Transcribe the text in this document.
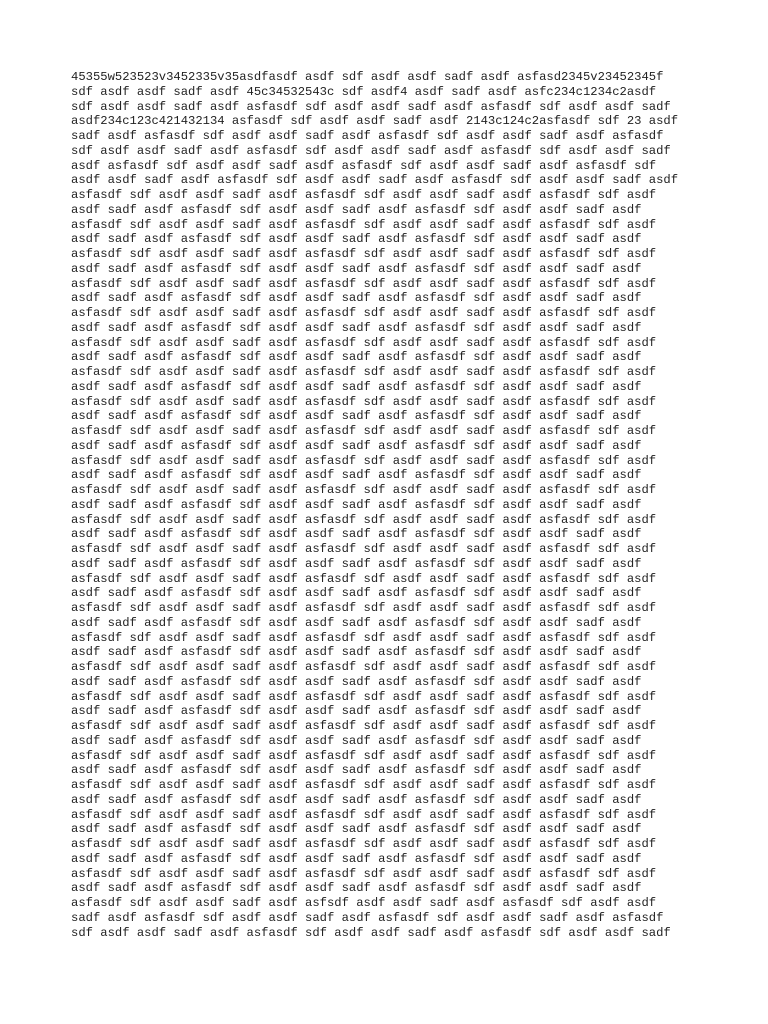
45355w523523v3452335v35asdfasdf asdf sdf asdf asdf sadf asdf asfasd2345v23452345f
sdf asdf asdf sadf asdf 45c34532543c sdf asdf4 asdf sadf asdf asfc234c1234c2asdf
sdf asdf asdf sadf asdf asfasdf sdf asdf asdf sadf asdf asfasdf sdf asdf asdf sadf
asdf234c123c421432134 asfasdf sdf asdf asdf sadf asdf 2143c124c2asfasdf sdf 23 asdf
sadf asdf asfasdf sdf asdf asdf sadf asdf asfasdf sdf asdf asdf sadf asdf asfasdf
sdf asdf asdf sadf asdf asfasdf sdf asdf asdf sadf asdf asfasdf sdf asdf asdf sadf
asdf asfasdf sdf asdf asdf sadf asdf asfasdf sdf asdf asdf sadf asdf asfasdf sdf
asdf asdf sadf asdf asfasdf sdf asdf asdf sadf asdf asfasdf sdf asdf asdf sadf asdf
asfasdf sdf asdf asdf sadf asdf asfasdf sdf asdf asdf sadf asdf asfasdf sdf asdf
asdf sadf asdf asfasdf sdf asdf asdf sadf asdf asfasdf sdf asdf asdf sadf asdf
asfasdf sdf asdf asdf sadf asdf asfasdf sdf asdf asdf sadf asdf asfasdf sdf asdf
asdf sadf asdf asfasdf sdf asdf asdf sadf asdf asfasdf sdf asdf asdf sadf asdf
asfasdf sdf asdf asdf sadf asdf asfasdf sdf asdf asdf sadf asdf asfasdf sdf asdf
asdf sadf asdf asfasdf sdf asdf asdf sadf asdf asfasdf sdf asdf asdf sadf asdf
asfasdf sdf asdf asdf sadf asdf asfasdf sdf asdf asdf sadf asdf asfasdf sdf asdf
asdf sadf asdf asfasdf sdf asdf asdf sadf asdf asfasdf sdf asdf asdf sadf asdf
asfasdf sdf asdf asdf sadf asdf asfasdf sdf asdf asdf sadf asdf asfasdf sdf asdf
asdf sadf asdf asfasdf sdf asdf asdf sadf asdf asfasdf sdf asdf asdf sadf asdf
asfasdf sdf asdf asdf sadf asdf asfasdf sdf asdf asdf sadf asdf asfasdf sdf asdf
asdf sadf asdf asfasdf sdf asdf asdf sadf asdf asfasdf sdf asdf asdf sadf asdf
asfasdf sdf asdf asdf sadf asdf asfasdf sdf asdf asdf sadf asdf asfasdf sdf asdf
asdf sadf asdf asfasdf sdf asdf asdf sadf asdf asfasdf sdf asdf asdf sadf asdf
asfasdf sdf asdf asdf sadf asdf asfasdf sdf asdf asdf sadf asdf asfasdf sdf asdf
asdf sadf asdf asfasdf sdf asdf asdf sadf asdf asfasdf sdf asdf asdf sadf asdf
asfasdf sdf asdf asdf sadf asdf asfasdf sdf asdf asdf sadf asdf asfasdf sdf asdf
asdf sadf asdf asfasdf sdf asdf asdf sadf asdf asfasdf sdf asdf asdf sadf asdf
asfasdf sdf asdf asdf sadf asdf asfasdf sdf asdf asdf sadf asdf asfasdf sdf asdf
asdf sadf asdf asfasdf sdf asdf asdf sadf asdf asfasdf sdf asdf asdf sadf asdf
asfasdf sdf asdf asdf sadf asdf asfasdf sdf asdf asdf sadf asdf asfasdf sdf asdf
asdf sadf asdf asfasdf sdf asdf asdf sadf asdf asfasdf sdf asdf asdf sadf asdf
asfasdf sdf asdf asdf sadf asdf asfasdf sdf asdf asdf sadf asdf asfasdf sdf asdf
asdf sadf asdf asfasdf sdf asdf asdf sadf asdf asfasdf sdf asdf asdf sadf asdf
asfasdf sdf asdf asdf sadf asdf asfasdf sdf asdf asdf sadf asdf asfasdf sdf asdf
asdf sadf asdf asfasdf sdf asdf asdf sadf asdf asfasdf sdf asdf asdf sadf asdf
asfasdf sdf asdf asdf sadf asdf asfasdf sdf asdf asdf sadf asdf asfasdf sdf asdf
asdf sadf asdf asfasdf sdf asdf asdf sadf asdf asfasdf sdf asdf asdf sadf asdf
asfasdf sdf asdf asdf sadf asdf asfasdf sdf asdf asdf sadf asdf asfasdf sdf asdf
asdf sadf asdf asfasdf sdf asdf asdf sadf asdf asfasdf sdf asdf asdf sadf asdf
asfasdf sdf asdf asdf sadf asdf asfasdf sdf asdf asdf sadf asdf asfasdf sdf asdf
asdf sadf asdf asfasdf sdf asdf asdf sadf asdf asfasdf sdf asdf asdf sadf asdf
asfasdf sdf asdf asdf sadf asdf asfasdf sdf asdf asdf sadf asdf asfasdf sdf asdf
asdf sadf asdf asfasdf sdf asdf asdf sadf asdf asfasdf sdf asdf asdf sadf asdf
asfasdf sdf asdf asdf sadf asdf asfasdf sdf asdf asdf sadf asdf asfasdf sdf asdf
asdf sadf asdf asfasdf sdf asdf asdf sadf asdf asfasdf sdf asdf asdf sadf asdf
asfasdf sdf asdf asdf sadf asdf asfasdf sdf asdf asdf sadf asdf asfasdf sdf asdf
asdf sadf asdf asfasdf sdf asdf asdf sadf asdf asfasdf sdf asdf asdf sadf asdf
asfasdf sdf asdf asdf sadf asdf asfasdf sdf asdf asdf sadf asdf asfasdf sdf asdf
asdf sadf asdf asfasdf sdf asdf asdf sadf asdf asfasdf sdf asdf asdf sadf asdf
asfasdf sdf asdf asdf sadf asdf asfasdf sdf asdf asdf sadf asdf asfasdf sdf asdf
asdf sadf asdf asfasdf sdf asdf asdf sadf asdf asfasdf sdf asdf asdf sadf asdf
asfasdf sdf asdf asdf sadf asdf asfasdf sdf asdf asdf sadf asdf asfasdf sdf asdf
asdf sadf asdf asfasdf sdf asdf asdf sadf asdf asfasdf sdf asdf asdf sadf asdf
asfasdf sdf asdf asdf sadf asdf asfasdf sdf asdf asdf sadf asdf asfasdf sdf asdf
asdf sadf asdf asfasdf sdf asdf asdf sadf asdf asfasdf sdf asdf asdf sadf asdf
asfasdf sdf asdf asdf sadf asdf asfasdf sdf asdf asdf sadf asdf asfasdf sdf asdf
asdf sadf asdf asfasdf sdf asdf asdf sadf asdf asfasdf sdf asdf asdf sadf asdf
asfasdf sdf asdf asdf sadf asdf asfsdf asdf asdf sadf asdf asfasdf sdf asdf asdf
sadf asdf asfasdf sdf asdf asdf sadf asdf asfasdf sdf asdf asdf sadf asdf asfasdf
sdf asdf asdf sadf asdf asfasdf sdf asdf asdf sadf asdf asfasdf sdf asdf asdf sadf
